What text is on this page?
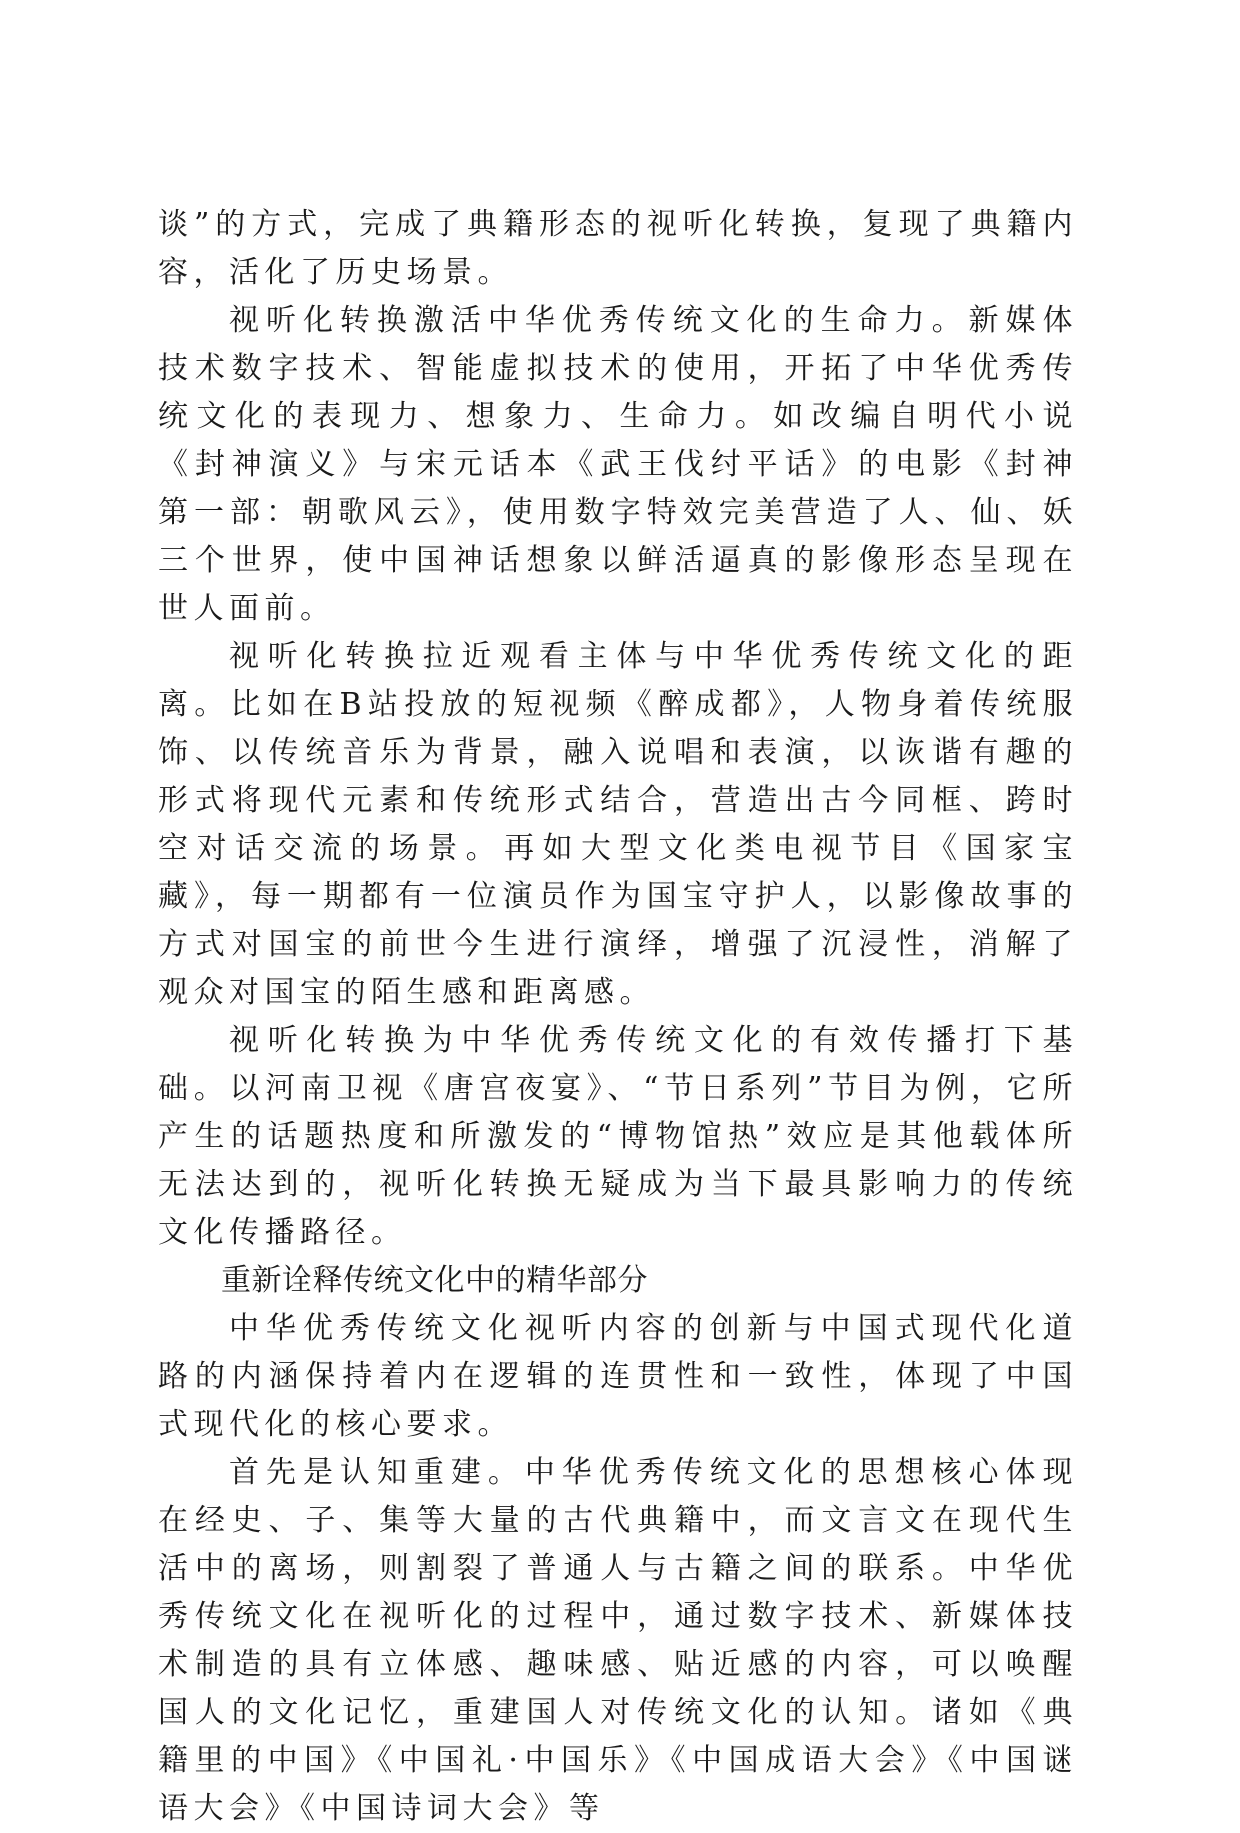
谈”的方式，完成了典籍形态的视听化转换，复现了典籍内容，活化了历史场景。

视听化转换激活中华优秀传统文化的生命力。新媒体技术数字技术、智能虚拟技术的使用，开拓了中华优秀传统文化的表现力、想象力、生命力。如改编自明代小说《封神演义》与宋元话本《武王伐纣平话》的电影《封神第一部：朝歌风云》，使用数字特效完美营造了人、仙、妖三个世界，使中国神话想象以鲜活逼真的影像形态呈现在世人面前。

视听化转换拉近观看主体与中华优秀传统文化的距离。比如在B站投放的短视频《醉成都》，人物身着传统服饰、以传统音乐为背景，融入说唱和表演，以诙谐有趣的形式将现代元素和传统形式结合，营造出古今同框、跨时空对话交流的场景。再如大型文化类电视节目《国家宝藏》，每一期都有一位演员作为国宝守护人，以影像故事的方式对国宝的前世今生进行演绎，增强了沉浸性，消解了观众对国宝的陌生感和距离感。

视听化转换为中华优秀传统文化的有效传播打下基础。以河南卫视《唐宫夜宴》、“节日系列”节目为例，它所产生的话题热度和所激发的“博物馆热”效应是其他载体所无法达到的，视听化转换无疑成为当下最具影响力的传统文化传播路径。

重新诠释传统文化中的精华部分

中华优秀传统文化视听内容的创新与中国式现代化道路的内涵保持着内在逻辑的连贯性和一致性，体现了中国式现代化的核心要求。

首先是认知重建。中华优秀传统文化的思想核心体现在经史、子、集等大量的古代典籍中，而文言文在现代生活中的离场，则割裂了普通人与古籍之间的联系。中华优秀传统文化在视听化的过程中，通过数字技术、新媒体技术制造的具有立体感、趣味感、贴近感的内容，可以唤醒国人的文化记忆，重建国人对传统文化的认知。诸如《典籍里的中国》《中国礼·中国乐》《中国成语大会》《中国谜语大会》《中国诗词大会》等
